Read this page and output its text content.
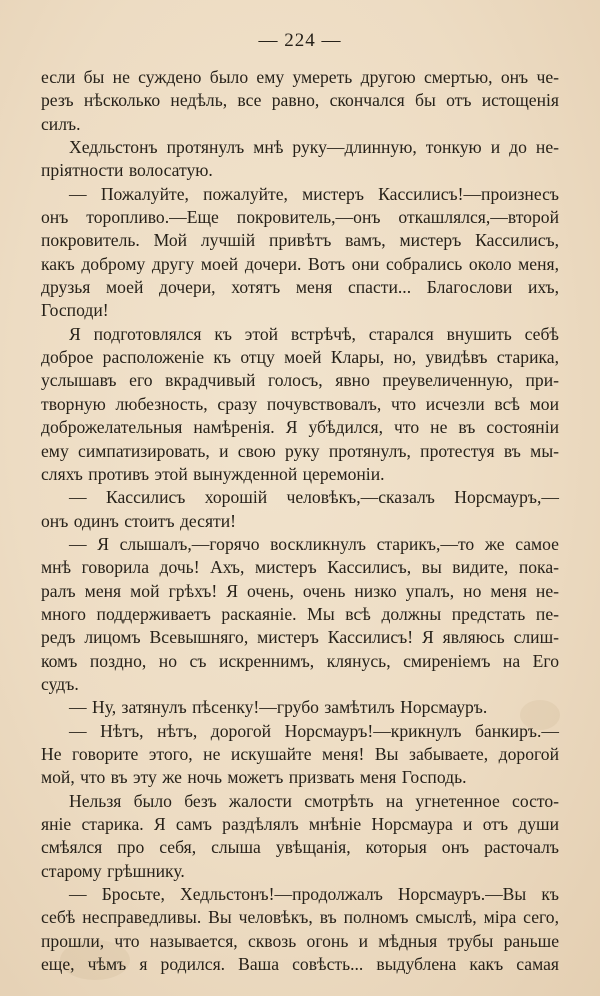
— 224 —
если бы не суждено было ему умереть другою смертью, онъ че-
резъ нѣсколько недѣль, все равно, скончался бы отъ истощенія
силъ.
Хедльстонъ протянулъ мнѣ руку—длинную, тонкую и до не-
пріятности волосатую.
— Пожалуйте, пожалуйте, мистеръ Кассилисъ!—произнесъ
онъ торопливо.—Еще покровитель,—онъ откашлялся,—второй
покровитель. Мой лучшій привѣтъ вамъ, мистеръ Кассилисъ,
какъ доброму другу моей дочери. Вотъ они собрались около меня,
друзья моей дочери, хотятъ меня спасти... Благослови ихъ,
Господи!
Я подготовлялся къ этой встрѣчѣ, старался внушить себѣ
доброе расположеніе къ отцу моей Клары, но, увидѣвъ старика,
услышавъ его вкрадчивый голосъ, явно преувеличенную, при-
творную любезность, сразу почувствовалъ, что исчезли всѣ мои
доброжелательныя намѣренія. Я убѣдился, что не въ состояніи
ему симпатизировать, и свою руку протянулъ, протестуя въ мы-
сляхъ противъ этой вынужденной церемоніи.
— Кассилисъ хорошій человѣкъ,—сказалъ Норсмауръ,—
онъ одинъ стоитъ десяти!
— Я слышалъ,—горячо воскликнулъ старикъ,—то же самое
мнѣ говорила дочь! Ахъ, мистеръ Кассилисъ, вы видите, пока-
ралъ меня мой грѣхъ! Я очень, очень низко упалъ, но меня не-
много поддерживаетъ раскаяніе. Мы всѣ должны предстать пе-
редъ лицомъ Всевышняго, мистеръ Кассилисъ! Я являюсь слиш-
комъ поздно, но съ искреннимъ, клянусь, смиреніемъ на Его
судъ.
— Ну, затянулъ пѣсенку!—грубо замѣтилъ Норсмауръ.
— Нѣтъ, нѣтъ, дорогой Норсмауръ!—крикнулъ банкиръ.—
Не говорите этого, не искушайте меня! Вы забываете, дорогой
мой, что въ эту же ночь можетъ призвать меня Господь.
Нельзя было безъ жалости смотрѣть на угнетенное состо-
яніе старика. Я самъ раздѣлялъ мнѣніе Норсмаура и отъ души
смѣялся про себя, слыша увѣщанія, которыя онъ расточалъ
старому грѣшнику.
— Бросьте, Хедльстонъ!—продолжалъ Норсмауръ.—Вы къ
себѣ несправедливы. Вы человѣкъ, въ полномъ смыслѣ, міра сего,
прошли, что называется, сквозь огонь и мѣдныя трубы раньше
еще, чѣмъ я родился. Ваша совѣсть... выдублена какъ самая
